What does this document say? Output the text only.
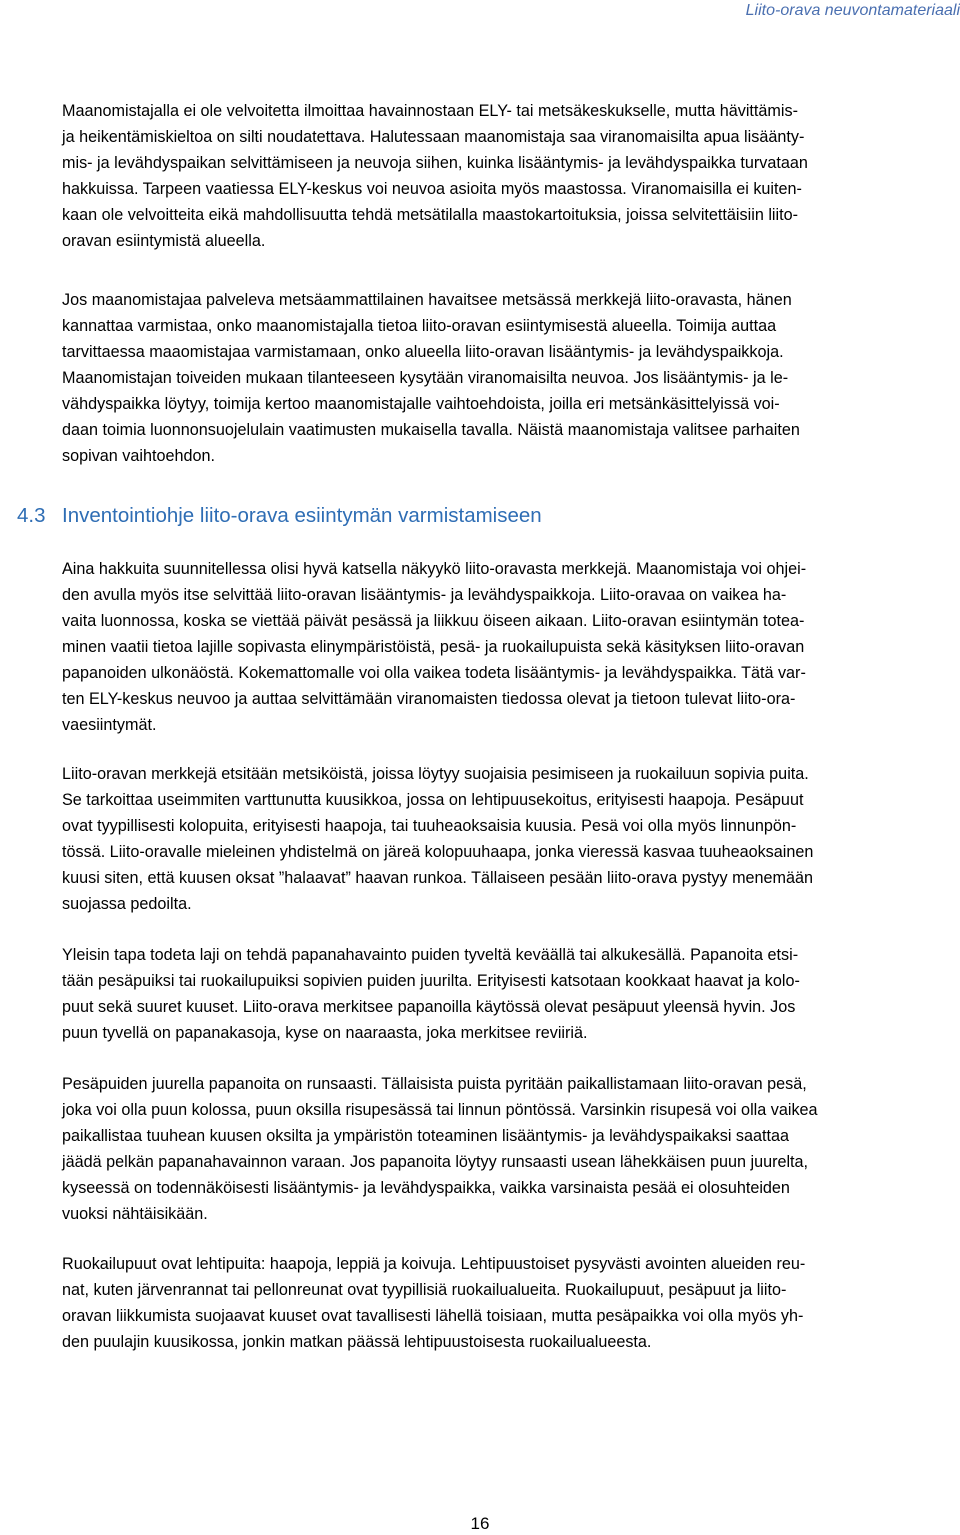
Liito-orava neuvontamateriaali

Maanomistajalla ei ole velvoitetta ilmoittaa havainnostaan ELY- tai metsäkeskukselle, mutta hävittämis-
ja heikentämiskieltoa on silti noudatettava. Halutessaan maanomistaja saa viranomaisilta apua lisäänty-
mis- ja levähdyspaikan selvittämiseen ja neuvoja siihen, kuinka lisääntymis- ja levähdyspaikka turvataan
hakkuissa. Tarpeen vaatiessa ELY-keskus voi neuvoa asioita myös maastossa. Viranomaisilla ei kuiten-
kaan ole velvoitteita eikä mahdollisuutta tehdä metsätilalla maastokartoituksia, joissa selvitettäisiin liito-
oravan esiintymistä alueella.

Jos maanomistajaa palveleva metsäammattilainen havaitsee metsässä merkkejä liito-oravasta, hänen
kannattaa varmistaa, onko maanomistajalla tietoa liito-oravan esiintymisestä alueella. Toimija auttaa
tarvittaessa maaomistajaa varmistamaan, onko alueella liito-oravan lisääntymis- ja levähdyspaikkoja.
Maanomistajan toiveiden mukaan tilanteeseen kysytään viranomaisilta neuvoa. Jos lisääntymis- ja le-
vähdyspaikka löytyy, toimija kertoo maanomistajalle vaihtoehdoista, joilla eri metsänkäsittelyissä voi-
daan toimia luonnonsuojelulain vaatimusten mukaisella tavalla. Näistä maanomistaja valitsee parhaiten
sopivan vaihtoehdon.

4.3 Inventointiohje liito-orava esiintymän varmistamiseen

Aina hakkuita suunnitellessa olisi hyvä katsella näkyykö liito-oravasta merkkejä. Maanomistaja voi ohjei-
den avulla myös itse selvittää liito-oravan lisääntymis- ja levähdyspaikkoja. Liito-oravaa on vaikea ha-
vaita luonnossa, koska se viettää päivät pesässä ja liikkuu öiseen aikaan. Liito-oravan esiintymän totea-
minen vaatii tietoa lajille sopivasta elinympäristöistä, pesä- ja ruokailupuista sekä käsityksen liito-oravan
papanoiden ulkonäöstä. Kokemattomalle voi olla vaikea todeta lisääntymis- ja levähdyspaikka. Tätä var-
ten ELY-keskus neuvoo ja auttaa selvittämään viranomaisten tiedossa olevat ja tietoon tulevat liito-ora-
vaesiintymät.

Liito-oravan merkkejä etsitään metsiköistä, joissa löytyy suojaisia pesimiseen ja ruokailuun sopivia puita.
Se tarkoittaa useimmiten varttunutta kuusikkoa, jossa on lehtipuusekoitus, erityisesti haapoja. Pesäpuut
ovat tyypillisesti kolopuita, erityisesti haapoja, tai tuuheaoksaisia kuusia. Pesä voi olla myös linnunpön-
tössä. Liito-oravalle mieleinen yhdistelmä on järeä kolopuuhaapa, jonka vieressä kasvaa tuuheaoksainen
kuusi siten, että kuusen oksat ”halaavat” haavan runkoa. Tällaiseen pesään liito-orava pystyy menemään
suojassa pedoilta.

Yleisin tapa todeta laji on tehdä papanahavainto puiden tyveltä keväällä tai alkukesällä. Papanoita etsi-
tään pesäpuiksi tai ruokailupuiksi sopivien puiden juurilta. Erityisesti katsotaan kookkaat haavat ja kolo-
puut sekä suuret kuuset. Liito-orava merkitsee papanoilla käytössä olevat pesäpuut yleensä hyvin. Jos
puun tyvellä on papanakasoja, kyse on naaraasta, joka merkitsee reviiriä.

Pesäpuiden juurella papanoita on runsaasti. Tällaisista puista pyritään paikallistamaan liito-oravan pesä,
joka voi olla puun kolossa, puun oksilla risupesässä tai linnun pöntössä. Varsinkin risupesä voi olla vaikea
paikallistaa tuuhean kuusen oksilta ja ympäristön toteaminen lisääntymis- ja levähdyspaikaksi saattaa
jäädä pelkän papanahavainnon varaan. Jos papanoita löytyy runsaasti usean lähekkäisen puun juurelta,
kyseessä on todennäköisesti lisääntymis- ja levähdyspaikka, vaikka varsinaista pesää ei olosuhteiden
vuoksi nähtäisikään.

Ruokailupuut ovat lehtipuita: haapoja, leppiä ja koivuja. Lehtipuustoiset pysyvästi avointen alueiden reu-
nat, kuten järvenrannat tai pellonreunat ovat tyypillisiä ruokailualueita. Ruokailupuut, pesäpuut ja liito-
oravan liikkumista suojaavat kuuset ovat tavallisesti lähellä toisiaan, mutta pesäpaikka voi olla myös yh-
den puulajin kuusikossa, jonkin matkan päässä lehtipuustoisesta ruokailualueesta.

16
